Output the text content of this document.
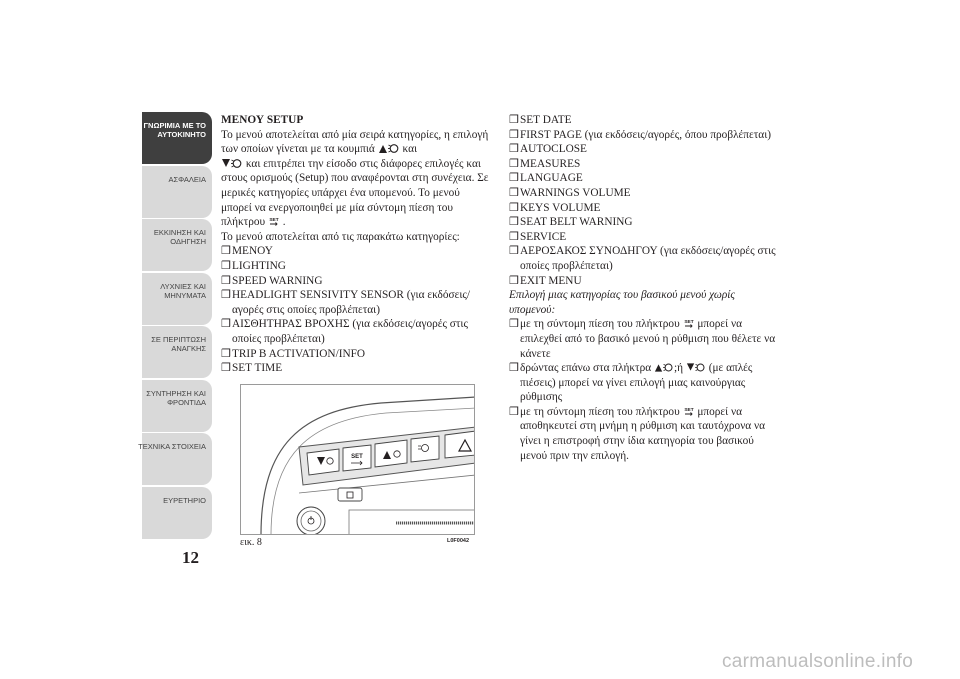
ΓΝΩΡΙΜΙΑ ΜΕ ΤΟ
ΑΥΤΟΚΙΝΗΤΟ
ΑΣΦΑΛΕΙΑ
ΕΚΚΙΝΗΣΗ ΚΑΙ
ΟΔΗΓΗΣΗ
ΛΥΧΝΙΕΣ ΚΑΙ
ΜΗΝΥΜΑΤΑ
ΣΕ ΠΕΡΙΠΤΩΣΗ
ΑΝΑΓΚΗΣ
ΣΥΝΤΗΡΗΣΗ ΚΑΙ
ΦΡΟΝΤΙΔΑ
ΤΕΧΝΙΚΑ ΣΤΟΙΧΕΙΑ
ΕΥΡΕΤΗΡΙΟ
12
ΜΕΝΟΥ SETUP

Το μενού αποτελείται από μία σειρά κατηγορίες, η επιλογή των οποίων γίνεται με τα κουμπιά και
και επιτρέπει την είσοδο στις διάφορες επιλογές και στους ορισμούς (Setup) που αναφέρονται στη συνέχεια. Σε μερικές κατηγορίες υπάρχει ένα υπομενού. Το μενού μπορεί να ενεργοποιηθεί με μία σύντομη πίεση του πλήκτρου SET .

Το μενού αποτελείται από τις παρακάτω κατηγορίες:

❒ ΜΕΝΟΥ
❒ LIGHTING
❒ SPEED WARNING
❒ HEADLIGHT SENSIVITY SENSOR (για εκδόσεις/αγορές στις οποίες προβλέπεται)
❒ ΑΙΣΘΗΤΗΡΑΣ ΒΡΟΧΗΣ (για εκδόσεις/αγορές στις οποίες προβλέπεται)
❒ TRIP B ACTIVATION/INFO
❒ SET TIME
SET
εικ. 8	L0F0042
❒ SET DATE
❒ FIRST PAGE (για εκδόσεις/αγορές, όπου προβλέπεται)
❒ AUTOCLOSE
❒ MEASURES
❒ LANGUAGE
❒ WARNINGS VOLUME
❒ KEYS VOLUME
❒ SEAT BELT WARNING
❒ SERVICE
❒ ΑΕΡΟΣΑΚΟΣ ΣΥΝΟΔΗΓΟΥ (για εκδόσεις/αγορές στις οποίες προβλέπεται)
❒ EXIT MENU

Επιλογή μιας κατηγορίας του βασικού μενού χωρίς υπομενού:

❒ με τη σύντομη πίεση του πλήκτρου SET μπορεί να επιλεχθεί από το βασικό μενού η ρύθμιση που θέλετε να κάνετε
❒ δρώντας επάνω στα πλήκτρα ;ή (με απλές πιέσεις) μπορεί να γίνει επιλογή μιας καινούργιας ρύθμισης
❒ με τη σύντομη πίεση του πλήκτρου SET μπορεί να αποθηκευτεί στη μνήμη η ρύθμιση και ταυτόχρονα να γίνει η επιστροφή στην ίδια κατηγορία του βασικού μενού πριν την επιλογή.
carmanualsonline.info
